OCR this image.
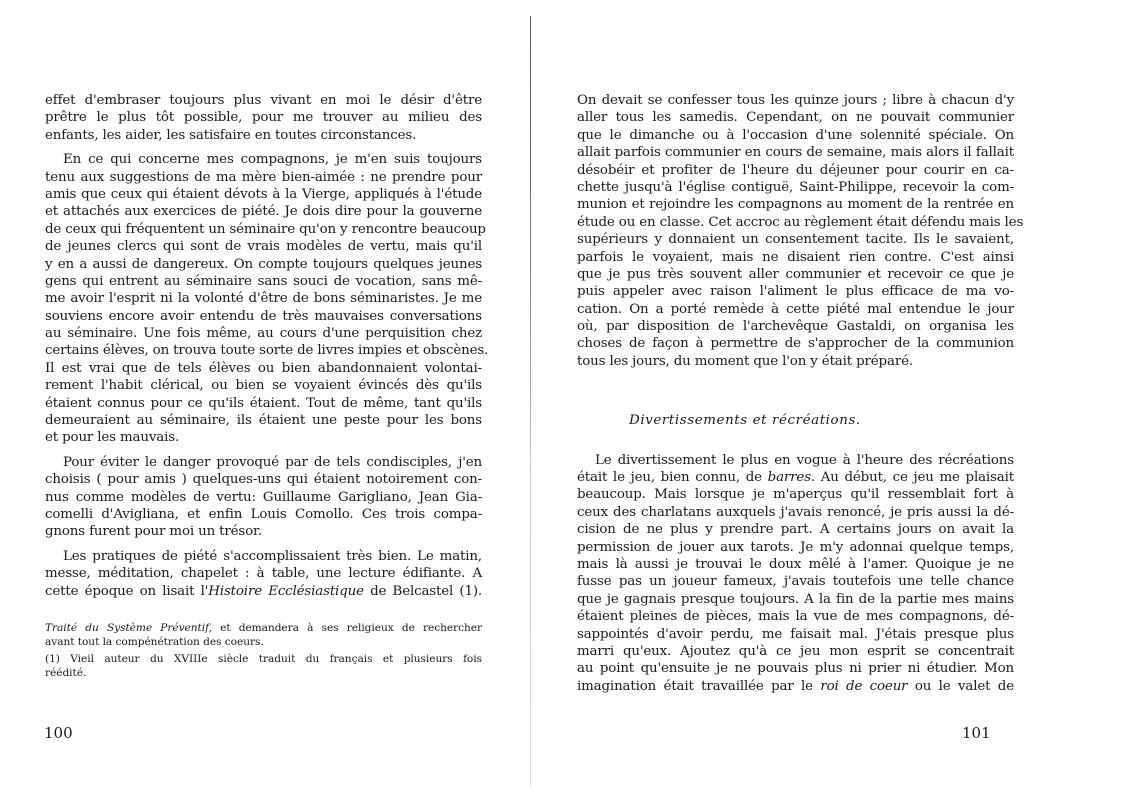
effet d'embraser toujours plus vivant en moi le désir d'être
prêtre le plus tôt possible, pour me trouver au milieu des
enfants, les aider, les satisfaire en toutes circonstances.
En ce qui concerne mes compagnons, je m'en suis toujours
tenu aux suggestions de ma mère bien-aimée : ne prendre pour
amis que ceux qui étaient dévots à la Vierge, appliqués à l'étude
et attachés aux exercices de piété. Je dois dire pour la gouverne
de ceux qui fréquentent un séminaire qu'on y rencontre beaucoup
de jeunes clercs qui sont de vrais modèles de vertu, mais qu'il
y en a aussi de dangereux. On compte toujours quelques jeunes
gens qui entrent au séminaire sans souci de vocation, sans mê-
me avoir l'esprit ni la volonté d'être de bons séminaristes. Je me
souviens encore avoir entendu de très mauvaises conversations
au séminaire. Une fois même, au cours d'une perquisition chez
certains élèves, on trouva toute sorte de livres impies et obscènes.
Il est vrai que de tels élèves ou bien abandonnaient volontai-
rement l'habit clérical, ou bien se voyaient évincés dès qu'ils
étaient connus pour ce qu'ils étaient. Tout de même, tant qu'ils
demeuraient au séminaire, ils étaient une peste pour les bons
et pour les mauvais.
Pour éviter le danger provoqué par de tels condisciples, j'en
choisis ( pour amis ) quelques-uns qui étaient notoirement con-
nus comme modèles de vertu: Guillaume Garigliano, Jean Gia-
comelli d'Avigliana, et enfin Louis Comollo. Ces trois compa-
gnons furent pour moi un trésor.
Les pratiques de piété s'accomplissaient très bien. Le matin,
messe, méditation, chapelet : à table, une lecture édifiante. A
cette époque on lisait l'Histoire Ecclésiastique de Belcastel (1).
Traité du Système Préventif, et demandera à ses religieux de rechercher
avant tout la compénétration des coeurs.
(1) Vieil auteur du XVIIIe siècle traduit du français et plusieurs fois
réédité.
100
On devait se confesser tous les quinze jours ; libre à chacun d'y
aller tous les samedis. Cependant, on ne pouvait communier
que le dimanche ou à l'occasion d'une solennité spéciale. On
allait parfois communier en cours de semaine, mais alors il fallait
désobéir et profiter de l'heure du déjeuner pour courir en ca-
chette jusqu'à l'église contiguë, Saint-Philippe, recevoir la com-
munion et rejoindre les compagnons au moment de la rentrée en
étude ou en classe. Cet accroc au règlement était défendu mais les
supérieurs y donnaient un consentement tacite. Ils le savaient,
parfois le voyaient, mais ne disaient rien contre. C'est ainsi
que je pus très souvent aller communier et recevoir ce que je
puis appeler avec raison l'aliment le plus efficace de ma vo-
cation. On a porté remède à cette piété mal entendue le jour
où, par disposition de l'archevêque Gastaldi, on organisa les
choses de façon à permettre de s'approcher de la communion
tous les jours, du moment que l'on y était préparé.
Divertissements et récréations.
Le divertissement le plus en vogue à l'heure des récréations
était le jeu, bien connu, de barres. Au début, ce jeu me plaisait
beaucoup. Mais lorsque je m'aperçus qu'il ressemblait fort à
ceux des charlatans auxquels j'avais renoncé, je pris aussi la dé-
cision de ne plus y prendre part. A certains jours on avait la
permission de jouer aux tarots. Je m'y adonnai quelque temps,
mais là aussi je trouvai le doux mêlé à l'amer. Quoique je ne
fusse pas un joueur fameux, j'avais toutefois une telle chance
que je gagnais presque toujours. A la fin de la partie mes mains
étaient pleines de pièces, mais la vue de mes compagnons, dé-
sappointés d'avoir perdu, me faisait mal. J'étais presque plus
marri qu'eux. Ajoutez qu'à ce jeu mon esprit se concentrait
au point qu'ensuite je ne pouvais plus ni prier ni étudier. Mon
imagination était travaillée par le roi de coeur ou le valet de
101
